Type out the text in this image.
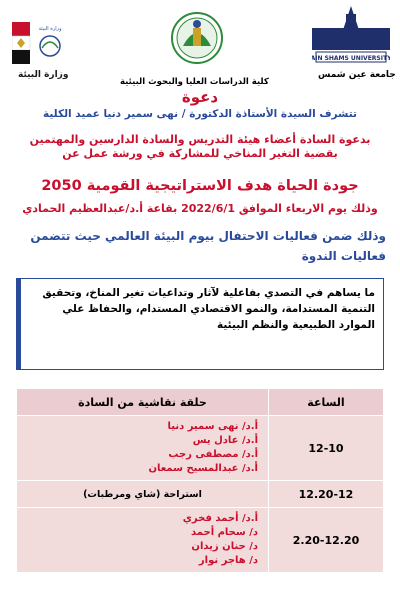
وزارة البيئة
AIN SHAMS UNIVERSITY
وزارة البيئة
كلية الدراسات العليا والبحوث البيئية
جامعة عين شمس
دعوة
تتشرف السيدة الأستاذة الدكتورة / نهى سمير دنيا عميد الكلية
بدعوة السادة أعضاء هيئة التدريس والسادة الدارسين والمهتمين
بقضية التغير المناخي للمشاركة في ورشة عمل عن
جودة الحياة هدف الاستراتيجية القومية 2050
وذلك يوم الاربعاء الموافق 2022/6/1 بقاعة أ.د/عبدالعظيم الحمادي
وذلك ضمن فعاليات الاحتفال بيوم البيئة العالمي حيث تتضمن فعاليات الندوة
ما يساهم في التصدي بفاعلية لآثار وتداعيات تغير المناخ، وتحقيق التنمية المستدامة، والنمو الاقتصادي المستدام، والحفاظ علي الموارد الطبيعية والنظم البيئية
الساعة	حلقة نقاشية من السادة
12-10	أ.د/ نهى سمير دنيا
أ.د/ عادل يس
أ.د/ مصطفى رجب
أ.د/ عبدالمسيح سمعان

12.20-12	استراحة (شاي ومرطبات)
2.20-12.20	أ.د/ أحمد فخري
د/ سحام أحمد
د/ حنان زيدان
د/ هاجر نوار
